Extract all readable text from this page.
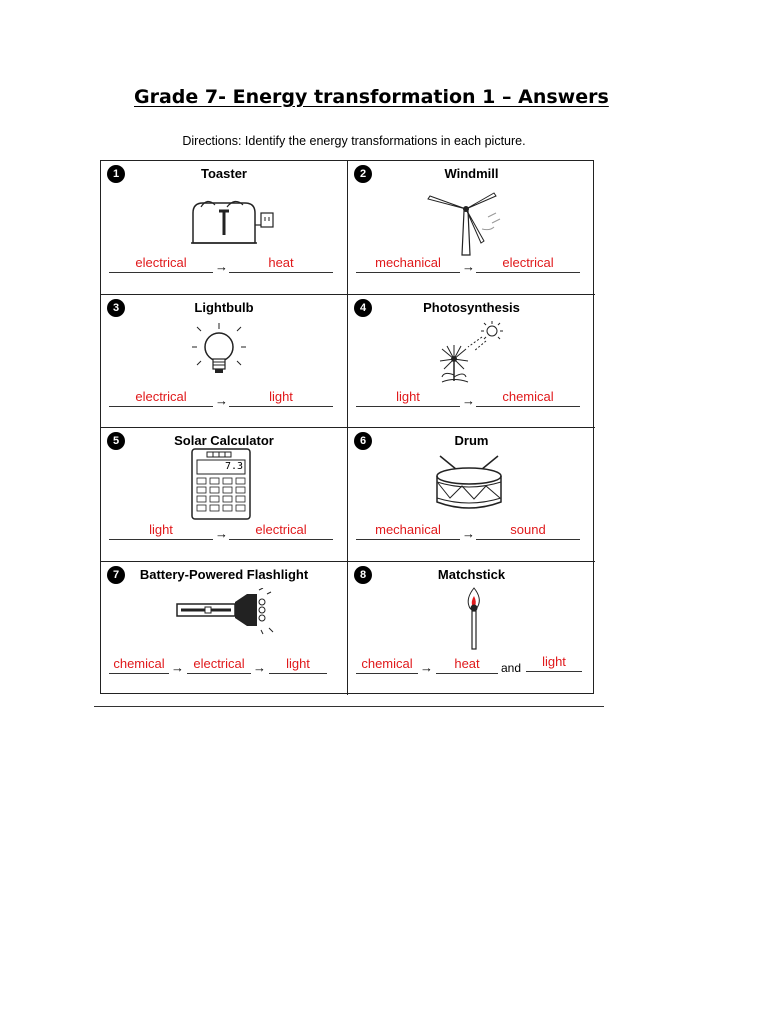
Grade 7- Energy transformation 1 – Answers
Directions: Identify the energy transformations in each picture.
1	Toaster
electrical	→	heat
2	Windmill
mechanical	→	electrical
3	Lightbulb
electrical	→	light
4	Photosynthesis
light	→	chemical
5	Solar Calculator
7.3
light	→	electrical
6	Drum
mechanical	→	sound
7	Battery-Powered Flashlight
chemical → electrical →	light
8	Matchstick
chemical →	heat	and	light
